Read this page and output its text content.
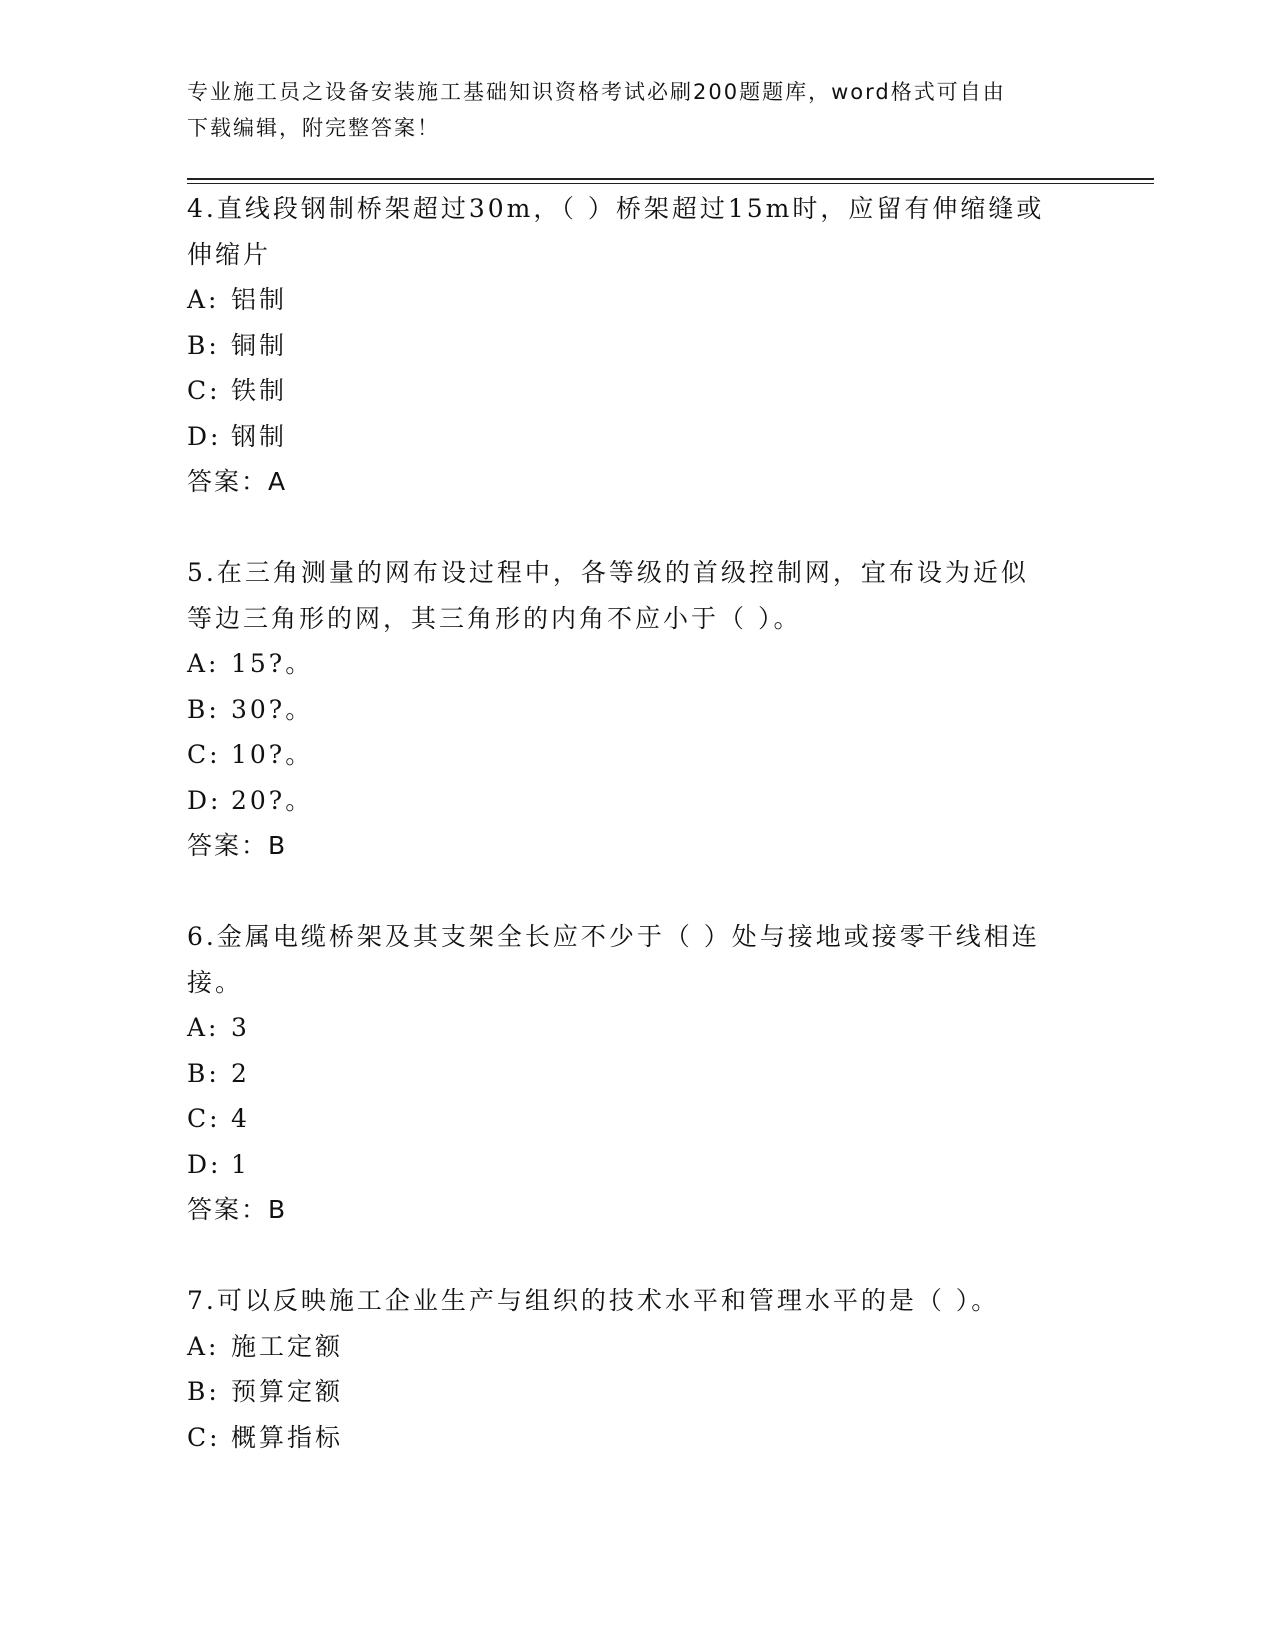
专业施工员之设备安装施工基础知识资格考试必刷200题题库，word格式可自由
下载编辑，附完整答案！
4.直线段钢制桥架超过30m，（ ）桥架超过15m时，应留有伸缩缝或
伸缩片
A: 铝制
B: 铜制
C: 铁制
D: 钢制
答案：A
5.在三角测量的网布设过程中，各等级的首级控制网，宜布设为近似
等边三角形的网，其三角形的内角不应小于（ ）。
A: 15?。
B: 30?。
C: 10?。
D: 20?。
答案：B
6.金属电缆桥架及其支架全长应不少于（ ）处与接地或接零干线相连
接。
A: 3
B: 2
C: 4
D: 1
答案：B
7.可以反映施工企业生产与组织的技术水平和管理水平的是（ ）。
A: 施工定额
B: 预算定额
C: 概算指标
